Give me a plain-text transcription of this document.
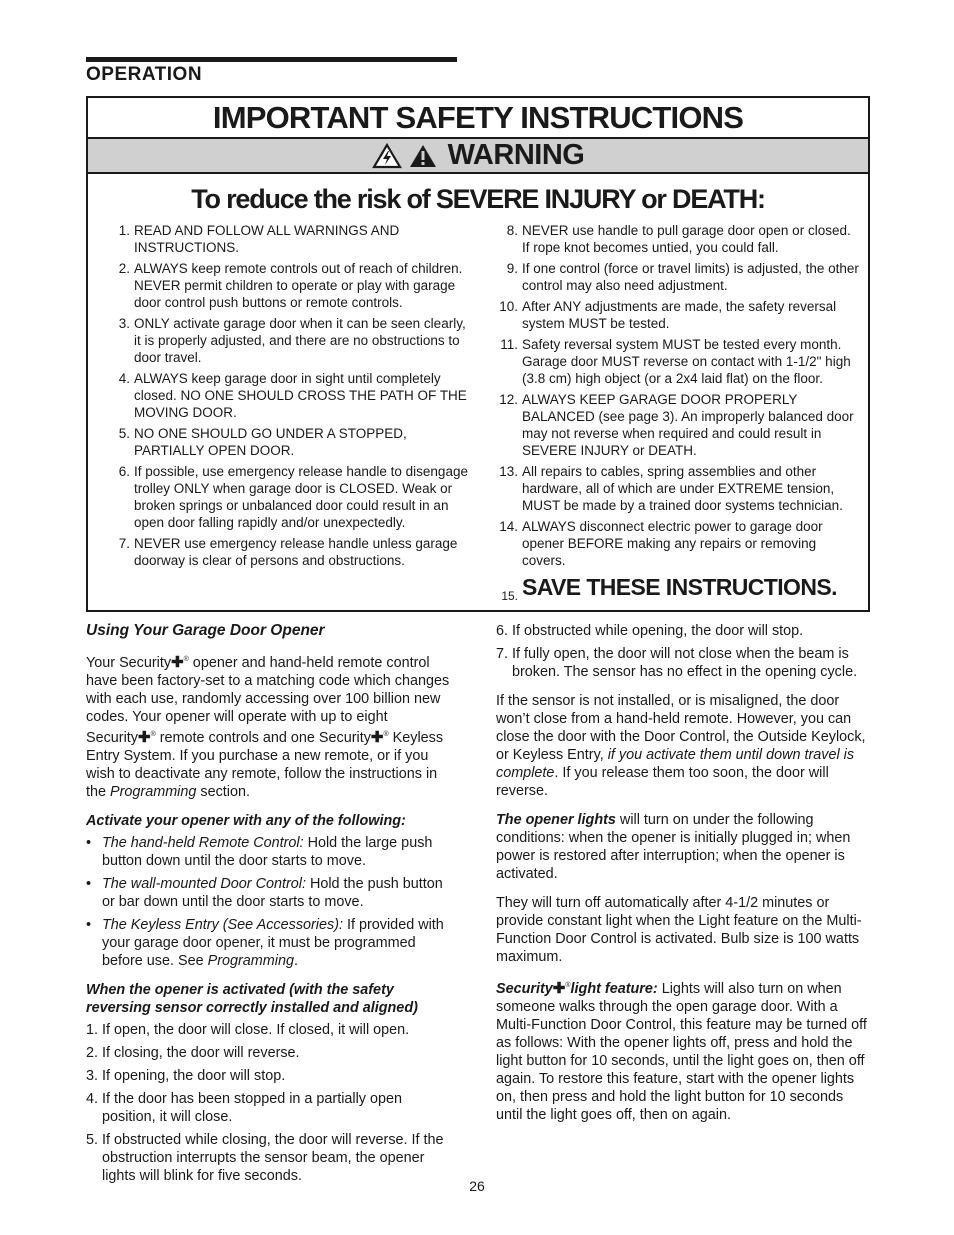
OPERATION
IMPORTANT SAFETY INSTRUCTIONS
WARNING
To reduce the risk of SEVERE INJURY or DEATH:
1. READ AND FOLLOW ALL WARNINGS AND INSTRUCTIONS.
2. ALWAYS keep remote controls out of reach of children. NEVER permit children to operate or play with garage door control push buttons or remote controls.
3. ONLY activate garage door when it can be seen clearly, it is properly adjusted, and there are no obstructions to door travel.
4. ALWAYS keep garage door in sight until completely closed. NO ONE SHOULD CROSS THE PATH OF THE MOVING DOOR.
5. NO ONE SHOULD GO UNDER A STOPPED, PARTIALLY OPEN DOOR.
6. If possible, use emergency release handle to disengage trolley ONLY when garage door is CLOSED. Weak or broken springs or unbalanced door could result in an open door falling rapidly and/or unexpectedly.
7. NEVER use emergency release handle unless garage doorway is clear of persons and obstructions.
8. NEVER use handle to pull garage door open or closed. If rope knot becomes untied, you could fall.
9. If one control (force or travel limits) is adjusted, the other control may also need adjustment.
10. After ANY adjustments are made, the safety reversal system MUST be tested.
11. Safety reversal system MUST be tested every month. Garage door MUST reverse on contact with 1-1/2" high (3.8 cm) high object (or a 2x4 laid flat) on the floor.
12. ALWAYS KEEP GARAGE DOOR PROPERLY BALANCED (see page 3). An improperly balanced door may not reverse when required and could result in SEVERE INJURY or DEATH.
13. All repairs to cables, spring assemblies and other hardware, all of which are under EXTREME tension, MUST be made by a trained door systems technician.
14. ALWAYS disconnect electric power to garage door opener BEFORE making any repairs or removing covers.
15. SAVE THESE INSTRUCTIONS.

Using Your Garage Door Opener

Your Security✚® opener and hand-held remote control have been factory-set to a matching code which changes with each use, randomly accessing over 100 billion new codes. Your opener will operate with up to eight Security✚® remote controls and one Security✚® Keyless Entry System. If you purchase a new remote, or if you wish to deactivate any remote, follow the instructions in the Programming section.

Activate your opener with any of the following:

• The hand-held Remote Control: Hold the large push button down until the door starts to move.
• The wall-mounted Door Control: Hold the push button or bar down until the door starts to move.
• The Keyless Entry (See Accessories): If provided with your garage door opener, it must be programmed before use. See Programming.

When the opener is activated (with the safety reversing sensor correctly installed and aligned)

1. If open, the door will close. If closed, it will open.
2. If closing, the door will reverse.
3. If opening, the door will stop.
4. If the door has been stopped in a partially open position, it will close.
5. If obstructed while closing, the door will reverse. If the obstruction interrupts the sensor beam, the opener lights will blink for five seconds.
6. If obstructed while opening, the door will stop.
7. If fully open, the door will not close when the beam is broken. The sensor has no effect in the opening cycle.

If the sensor is not installed, or is misaligned, the door won’t close from a hand-held remote. However, you can close the door with the Door Control, the Outside Keylock, or Keyless Entry, if you activate them until down travel is complete. If you release them too soon, the door will reverse.

The opener lights will turn on under the following conditions: when the opener is initially plugged in; when power is restored after interruption; when the opener is activated.

They will turn off automatically after 4-1/2 minutes or provide constant light when the Light feature on the Multi-Function Door Control is activated. Bulb size is 100 watts maximum.

Security✚®light feature: Lights will also turn on when someone walks through the open garage door. With a Multi-Function Door Control, this feature may be turned off as follows: With the opener lights off, press and hold the light button for 10 seconds, until the light goes on, then off again. To restore this feature, start with the opener lights on, then press and hold the light button for 10 seconds until the light goes off, then on again.

26
